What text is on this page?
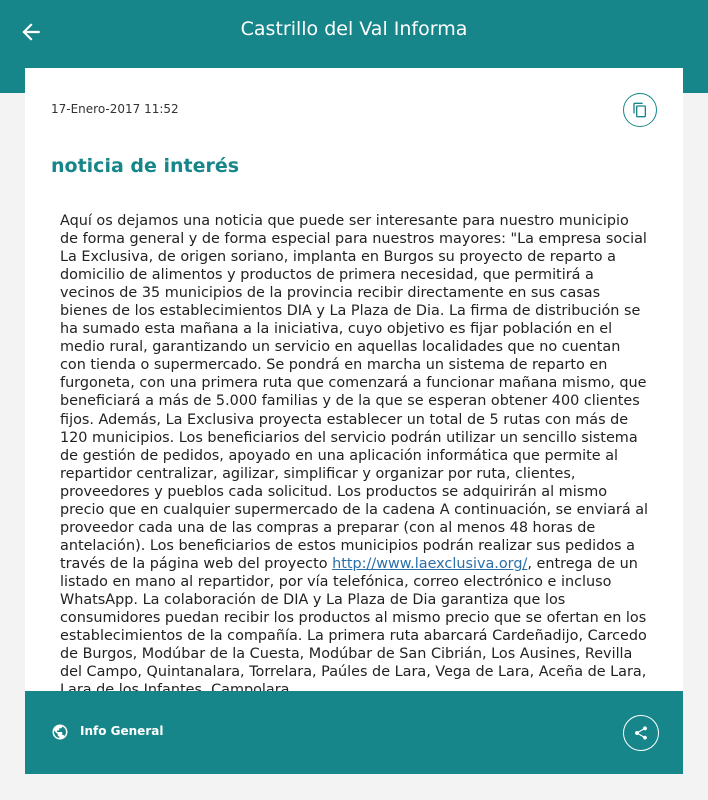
Castrillo del Val Informa
17-Enero-2017 11:52
noticia de interés
Aquí os dejamos una noticia que puede ser interesante para nuestro municipio de forma general y de forma especial para nuestros mayores: "La empresa social La Exclusiva, de origen soriano, implanta en Burgos su proyecto de reparto a domicilio de alimentos y productos de primera necesidad, que permitirá a vecinos de 35 municipios de la provincia recibir directamente en sus casas bienes de los establecimientos DIA y La Plaza de Dia. La firma de distribución se ha sumado esta mañana a la iniciativa, cuyo objetivo es fijar población en el medio rural, garantizando un servicio en aquellas localidades que no cuentan con tienda o supermercado. Se pondrá en marcha un sistema de reparto en furgoneta, con una primera ruta que comenzará a funcionar mañana mismo, que beneficiará a más de 5.000 familias y de la que se esperan obtener 400 clientes fijos. Además, La Exclusiva proyecta establecer un total de 5 rutas con más de 120 municipios. Los beneficiarios del servicio podrán utilizar un sencillo sistema de gestión de pedidos, apoyado en una aplicación informática que permite al repartidor centralizar, agilizar, simplificar y organizar por ruta, clientes, proveedores y pueblos cada solicitud. Los productos se adquirirán al mismo precio que en cualquier supermercado de la cadena A continuación, se enviará al proveedor cada una de las compras a preparar (con al menos 48 horas de antelación). Los beneficiarios de estos municipios podrán realizar sus pedidos a través de la página web del proyecto http://www.laexclusiva.org/, entrega de un listado en mano al repartidor, por vía telefónica, correo electrónico e incluso WhatsApp. La colaboración de DIA y La Plaza de Dia garantiza que los consumidores puedan recibir los productos al mismo precio que se ofertan en los establecimientos de la compañía. La primera ruta abarcará Cardeñadijo, Carcedo de Burgos, Modúbar de la Cuesta, Modúbar de San Cibrián, Los Ausines, Revilla del Campo, Quintanalara, Torrelara, Paúles de Lara, Vega de Lara, Aceña de Lara,
Info General
